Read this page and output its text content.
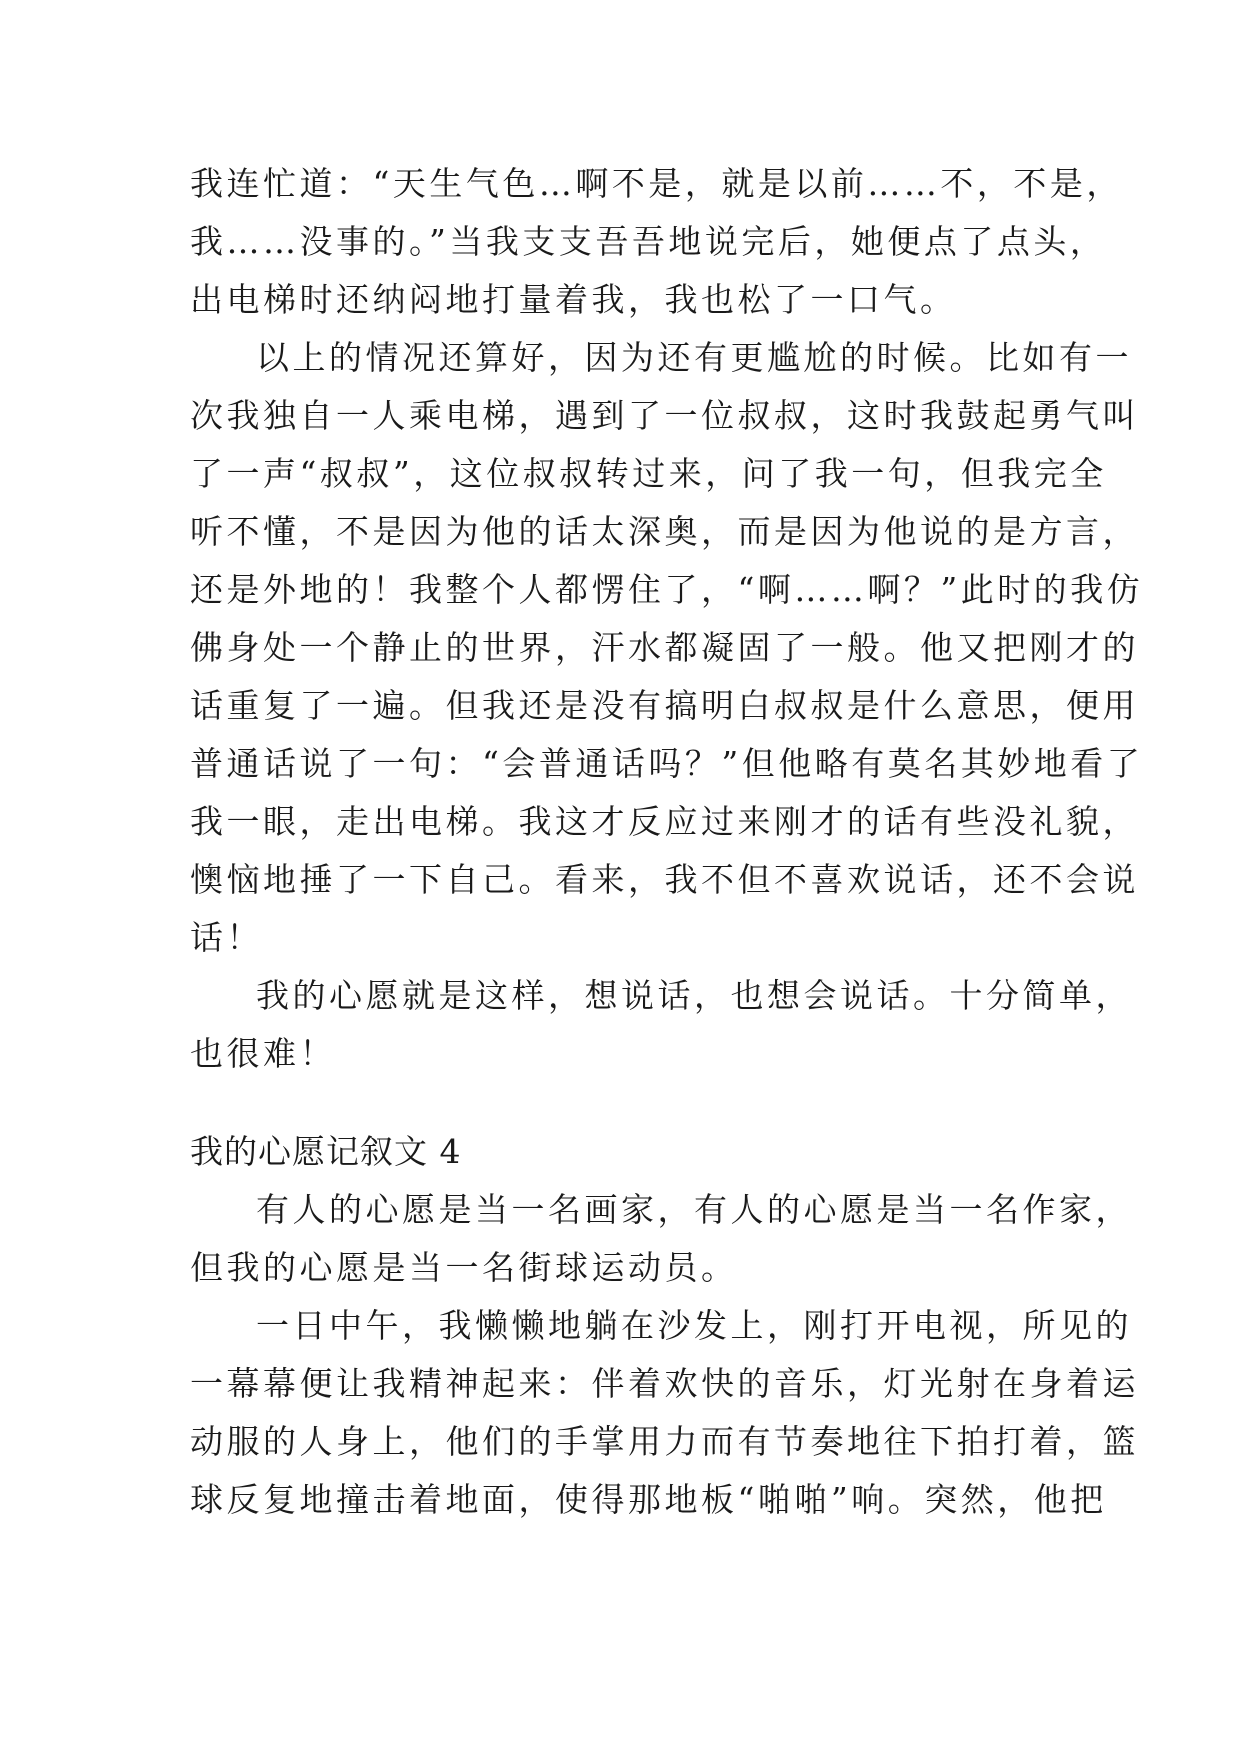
我连忙道：“天生气色…啊不是，就是以前……不，不是，
我……没事的。”当我支支吾吾地说完后，她便点了点头，
出电梯时还纳闷地打量着我，我也松了一口气。
以上的情况还算好，因为还有更尴尬的时候。比如有一
次我独自一人乘电梯，遇到了一位叔叔，这时我鼓起勇气叫
了一声“叔叔”，这位叔叔转过来，问了我一句，但我完全
听不懂，不是因为他的话太深奥，而是因为他说的是方言，
还是外地的！我整个人都愣住了，“啊……啊？”此时的我仿
佛身处一个静止的世界，汗水都凝固了一般。他又把刚才的
话重复了一遍。但我还是没有搞明白叔叔是什么意思，便用
普通话说了一句：“会普通话吗？”但他略有莫名其妙地看了
我一眼，走出电梯。我这才反应过来刚才的话有些没礼貌，
懊恼地捶了一下自己。看来，我不但不喜欢说话，还不会说
话！
我的心愿就是这样，想说话，也想会说话。十分简单，
也很难！
我的心愿记叙文 4
有人的心愿是当一名画家，有人的心愿是当一名作家，
但我的心愿是当一名街球运动员。
一日中午，我懒懒地躺在沙发上，刚打开电视，所见的
一幕幕便让我精神起来：伴着欢快的音乐，灯光射在身着运
动服的人身上，他们的手掌用力而有节奏地往下拍打着，篮
球反复地撞击着地面，使得那地板“啪啪”响。突然，他把
